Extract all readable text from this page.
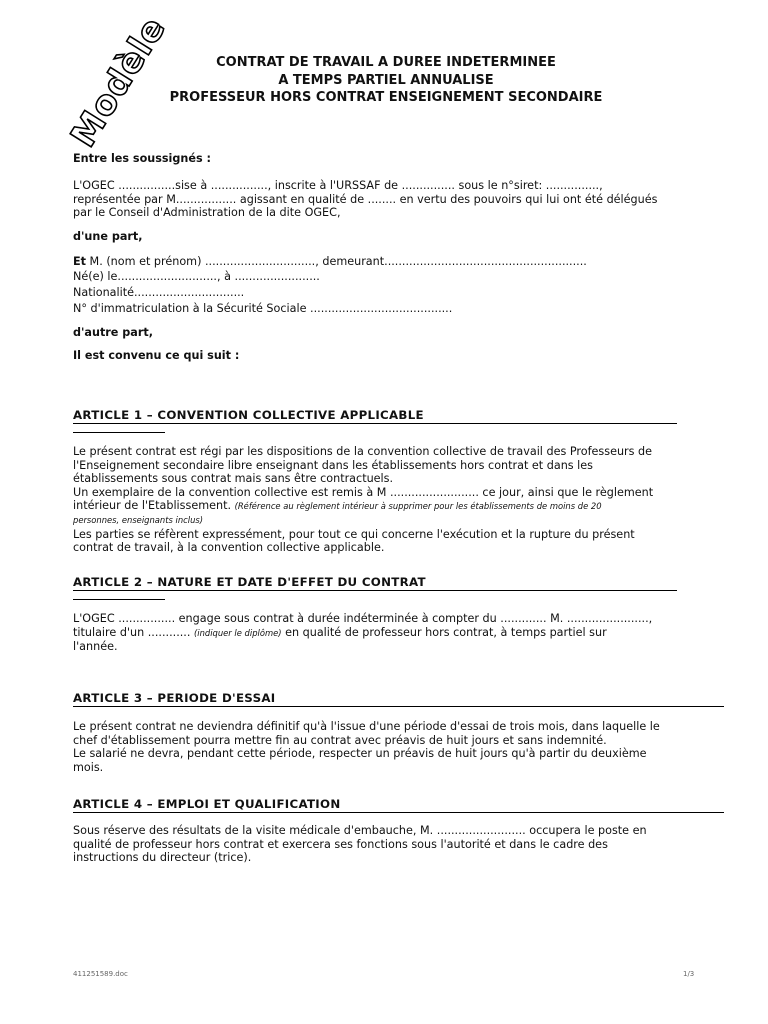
Modèle	CONTRAT DE TRAVAIL A DUREE INDETERMINEE
A TEMPS PARTIEL ANNUALISE
PROFESSEUR HORS CONTRAT ENSEIGNEMENT SECONDAIRE

Entre les soussignés :

L'OGEC ................sise à ................, inscrite à l'URSSAF de ............... sous le n°siret: ...............,

représentée par M................. agissant en qualité de ........ en vertu des pouvoirs qui lui ont été délégués

par le Conseil d'Administration de la dite OGEC,

d'une part,

Et M. (nom et prénom) ..............................., demeurant.........................................................

Né(e) le............................, à ........................

Nationalité...............................

N° d'immatriculation à la Sécurité Sociale ........................................

d'autre part,

Il est convenu ce qui suit :

ARTICLE 1 – CONVENTION COLLECTIVE APPLICABLE

Le présent contrat est régi par les dispositions de la convention collective de travail des Professeurs de

l'Enseignement secondaire libre enseignant dans les établissements hors contrat et dans les

établissements sous contrat mais sans être contractuels.

Un exemplaire de la convention collective est remis à M ......................... ce jour, ainsi que le règlement

intérieur de l'Etablissement. (Référence au règlement intérieur à supprimer pour les établissements de moins de 20

personnes, enseignants inclus)

Les parties se réfèrent expressément, pour tout ce qui concerne l'exécution et la rupture du présent

contrat de travail, à la convention collective applicable.

ARTICLE 2 – NATURE ET DATE D'EFFET DU CONTRAT

L'OGEC ................ engage sous contrat à durée indéterminée à compter du ............. M. .......................,

titulaire d'un ............ (indiquer le diplôme) en qualité de professeur hors contrat, à temps partiel sur

l'année.

ARTICLE 3 – PERIODE D'ESSAI

Le présent contrat ne deviendra définitif qu'à l'issue d'une période d'essai de trois mois, dans laquelle le

chef d'établissement pourra mettre fin au contrat avec préavis de huit jours et sans indemnité.

Le salarié ne devra, pendant cette période, respecter un préavis de huit jours qu'à partir du deuxième

mois.

ARTICLE 4 – EMPLOI ET QUALIFICATION

Sous réserve des résultats de la visite médicale d'embauche, M. ......................... occupera le poste en

qualité de professeur hors contrat et exercera ses fonctions sous l'autorité et dans le cadre des

instructions du directeur (trice).

411251589.doc	1/3
